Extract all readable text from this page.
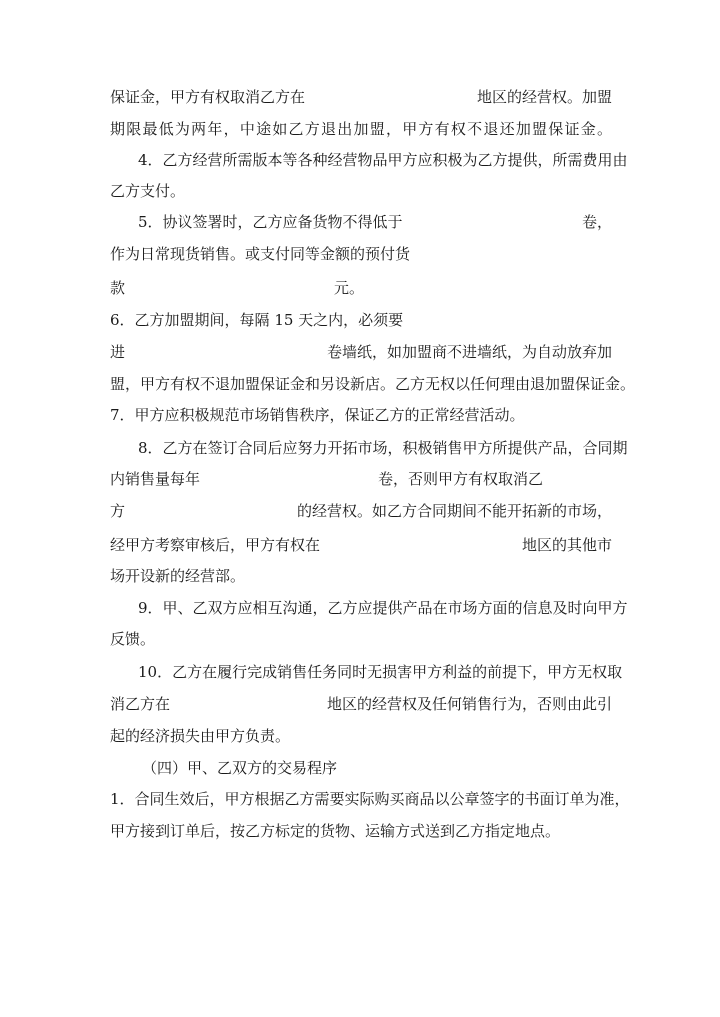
保证金，甲方有权取消乙方在	地区的经营权。加盟
期限最低为两年，中途如乙方退出加盟，甲方有权不退还加盟保证金。
4．乙方经营所需版本等各种经营物品甲方应积极为乙方提供，所需费用由
乙方支付。
5．协议签署时，乙方应备货物不得低于	卷，
作为日常现货销售。或支付同等金额的预付货
款	元。
6．乙方加盟期间，每隔 15 天之内，必须要
进	卷墙纸，如加盟商不进墙纸，为自动放弃加
盟，甲方有权不退加盟保证金和另设新店。乙方无权以任何理由退加盟保证金。
7．甲方应积极规范市场销售秩序，保证乙方的正常经营活动。
8．乙方在签订合同后应努力开拓市场，积极销售甲方所提供产品，合同期
内销售量每年	卷，否则甲方有权取消乙
方	的经营权。如乙方合同期间不能开拓新的市场，
经甲方考察审核后，甲方有权在	地区的其他市
场开设新的经营部。
9．甲、乙双方应相互沟通，乙方应提供产品在市场方面的信息及时向甲方
反馈。
10．乙方在履行完成销售任务同时无损害甲方利益的前提下，甲方无权取
消乙方在	地区的经营权及任何销售行为，否则由此引
起的经济损失由甲方负责。
（四）甲、乙双方的交易程序
1．合同生效后，甲方根据乙方需要实际购买商品以公章签字的书面订单为准，
甲方接到订单后，按乙方标定的货物、运输方式送到乙方指定地点。
